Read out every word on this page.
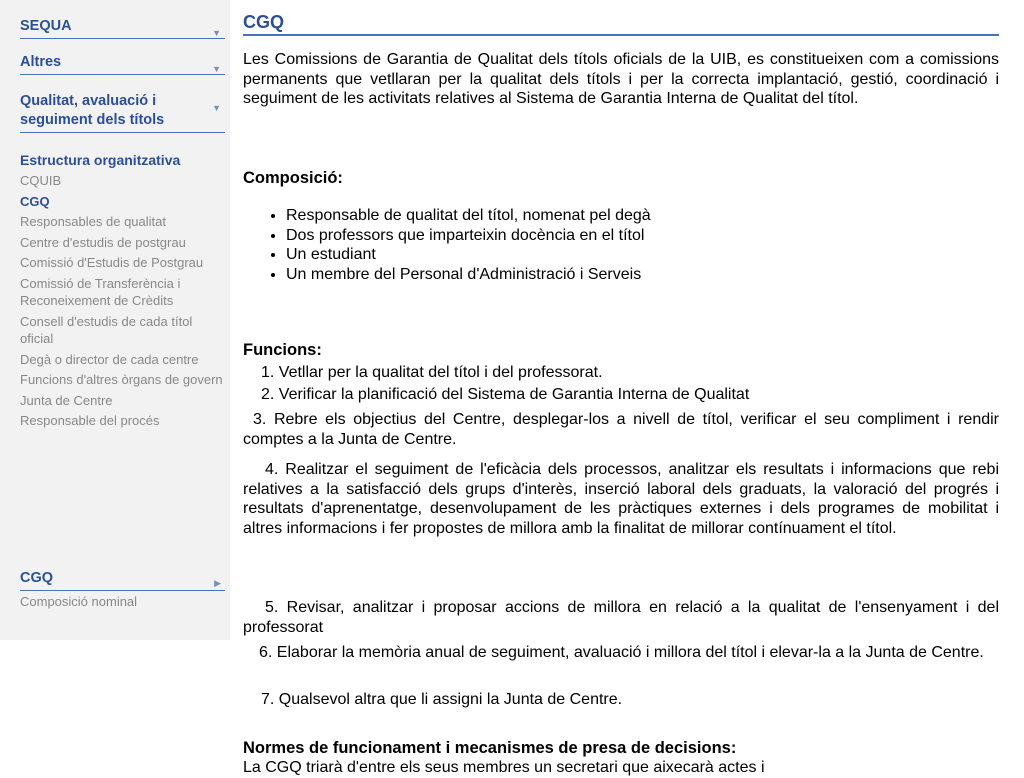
SEQUA	▼
Altres	▼
Qualitat, avaluació i seguiment dels títols
▼
Estructura organitzativa
CQUIB
CGQ
Responsables de qualitat
Centre d'estudis de postgrau
Comissió d'Estudis de Postgrau
Comissió de Transferència i Reconeixement de Crèdits
Consell d'estudis de cada títol oficial
Degà o director de cada centre
Funcions d'altres òrgans de govern
Junta de Centre
Responsable del procés
CGQ	▶
Composició nominal
CGQ

Les Comissions de Garantia de Qualitat dels títols oficials de la UIB, es constitueixen com a comissions permanents que vetllaran per la qualitat dels títols i per la correcta implantació, gestió, coordinació i seguiment de les activitats relatives al Sistema de Garantia Interna de Qualitat del títol.

Composició:

• Responsable de qualitat del títol, nomenat pel degà
• Dos professors que imparteixin docència en el títol
• Un estudiant
• Un membre del Personal d'Administració i Serveis

Funcions:

1. Vetllar per la qualitat del títol i del professorat.

2. Verificar la planificació del Sistema de Garantia Interna de Qualitat

3. Rebre els objectius del Centre, desplegar-los a nivell de títol, verificar el seu compliment i rendir comptes a la Junta de Centre.

4. Realitzar el seguiment de l'eficàcia dels processos, analitzar els resultats i informacions que rebi relatives a la satisfacció dels grups d'interès, inserció laboral dels graduats, la valoració del progrés i resultats d'aprenentatge, desenvolupament de les pràctiques externes i dels programes de mobilitat i altres informacions i fer propostes de millora amb la finalitat de millorar contínuament el títol.

5. Revisar, analitzar i proposar accions de millora en relació a la qualitat de l'ensenyament i del professorat

6. Elaborar la memòria anual de seguiment, avaluació i millora del títol i elevar-la a la Junta de Centre.

7. Qualsevol altra que li assigni la Junta de Centre.

Normes de funcionament i mecanismes de presa de decisions:

La CGQ triarà d'entre els seus membres un secretari que aixecarà actes i
